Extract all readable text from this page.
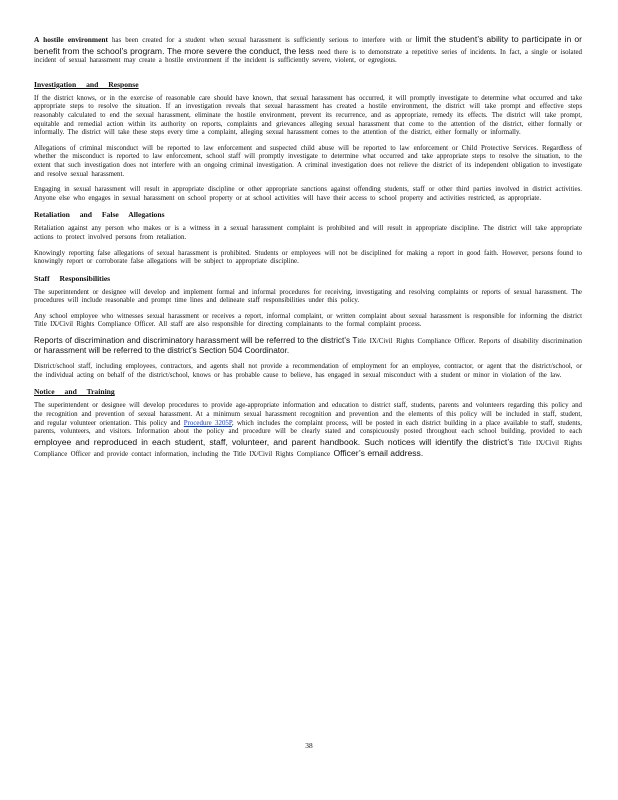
A hostile environment has been created for a student when sexual harassment is sufficiently serious to interfere with or limit the student’s ability to participate in or benefit from the school’s program. The more severe the conduct, the less need there is to demonstrate a repetitive series of incidents. In fact, a single or isolated incident of sexual harassment may create a hostile environment if the incident is sufficiently severe, violent, or egregious.

Investigation and Response

If the district knows, or in the exercise of reasonable care should have known, that sexual harassment has occurred, it will promptly investigate to determine what occurred and take appropriate steps to resolve the situation. If an investigation reveals that sexual harassment has created a hostile environment, the district will take prompt and effective steps reasonably calculated to end the sexual harassment, eliminate the hostile environment, prevent its recurrence, and as appropriate, remedy its effects. The district will take prompt, equitable and remedial action within its authority on reports, complaints and grievances alleging sexual harassment that come to the attention of the district, either formally or informally. The district will take these steps every time a complaint, alleging sexual harassment comes to the attention of the district, either formally or informally.

Allegations of criminal misconduct will be reported to law enforcement and suspected child abuse will be reported to law enforcement or Child Protective Services. Regardless of whether the misconduct is reported to law enforcement, school staff will promptly investigate to determine what occurred and take appropriate steps to resolve the situation, to the extent that such investigation does not interfere with an ongoing criminal investigation. A criminal investigation does not relieve the district of its independent obligation to investigate and resolve sexual harassment.

Engaging in sexual harassment will result in appropriate discipline or other appropriate sanctions against offending students, staff or other third parties involved in district activities. Anyone else who engages in sexual harassment on school property or at school activities will have their access to school property and activities restricted, as appropriate.

Retaliation and False Allegations

Retaliation against any person who makes or is a witness in a sexual harassment complaint is prohibited and will result in appropriate discipline. The district will take appropriate actions to protect involved persons from retaliation.

Knowingly reporting false allegations of sexual harassment is prohibited. Students or employees will not be disciplined for making a report in good faith. However, persons found to knowingly report or corroborate false allegations will be subject to appropriate discipline.

Staff Responsibilities

The superintendent or designee will develop and implement formal and informal procedures for receiving, investigating and resolving complaints or reports of sexual harassment. The procedures will include reasonable and prompt time lines and delineate staff responsibilities under this policy.

Any school employee who witnesses sexual harassment or receives a report, informal complaint, or written complaint about sexual harassment is responsible for informing the district Title IX/Civil Rights Compliance Officer. All staff are also responsible for directing complainants to the formal complaint process.

Reports of discrimination and discriminatory harassment will be referred to the district’s Title IX/Civil Rights Compliance Officer. Reports of disability discrimination or harassment will be referred to the district’s Section 504 Coordinator.

District/school staff, including employees, contractors, and agents shall not provide a recommendation of employment for an employee, contractor, or agent that the district/school, or the individual acting on behalf of the district/school, knows or has probable cause to believe, has engaged in sexual misconduct with a student or minor in violation of the law.

Notice and Training

The superintendent or designee will develop procedures to provide age-appropriate information and education to district staff, students, parents and volunteers regarding this policy and the recognition and prevention of sexual harassment. At a minimum sexual harassment recognition and prevention and the elements of this policy will be included in staff, student, and regular volunteer orientation. This policy and Procedure 3205P, which includes the complaint process, will be posted in each district building in a place available to staff, students, parents, volunteers, and visitors. Information about the policy and procedure will be clearly stated and conspicuously posted throughout each school building, provided to each employee and reproduced in each student, staff, volunteer, and parent handbook. Such notices will identify the district’s Title IX/Civil Rights Compliance Officer and provide contact information, including the Title IX/Civil Rights Compliance Officer’s email address.

38
